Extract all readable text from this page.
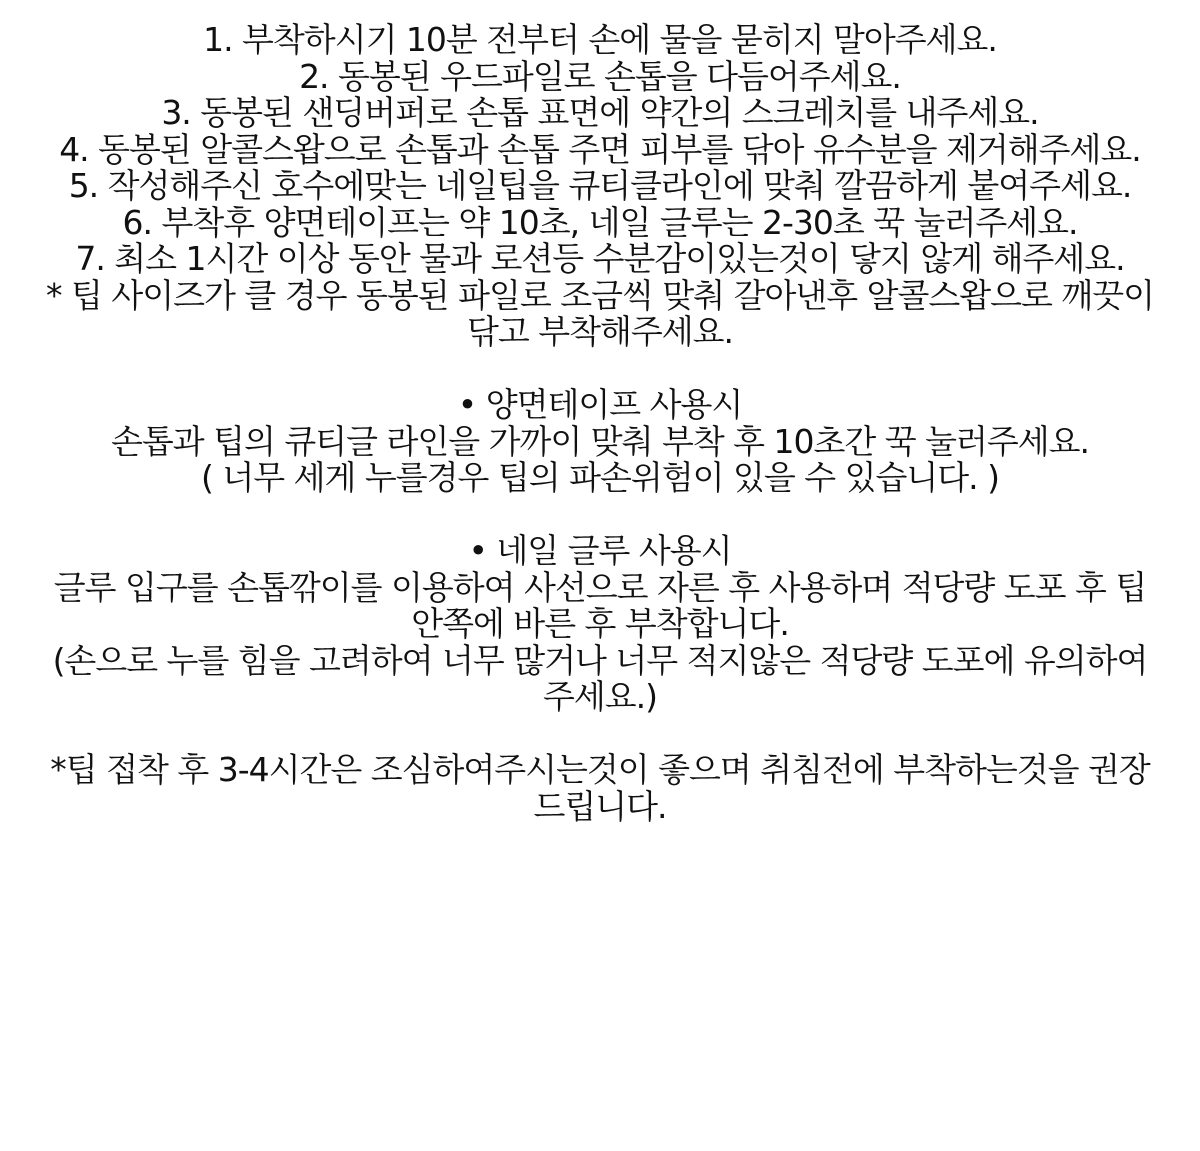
1. 부착하시기 10분 전부터 손에 물을 묻히지 말아주세요.

2. 동봉된 우드파일로 손톱을 다듬어주세요.

3. 동봉된 샌딩버퍼로 손톱 표면에 약간의 스크레치를 내주세요.

4. 동봉된 알콜스왑으로 손톱과 손톱 주면 피부를 닦아 유수분을 제거해주세요.

5. 작성해주신 호수에맞는 네일팁을 큐티클라인에 맞춰 깔끔하게 붙여주세요.

6. 부착후 양면테이프는 약 10초, 네일 글루는 2-30초 꾹 눌러주세요.

7. 최소 1시간 이상 동안 물과 로션등 수분감이있는것이 닿지 않게 해주세요.

* 팁 사이즈가 클 경우 동봉된 파일로 조금씩 맞춰 갈아낸후 알콜스왑으로 깨끗이 닦고 부착해주세요.

• 양면테이프 사용시

손톱과 팁의 큐티글 라인을 가까이 맞춰 부착 후 10초간 꾹 눌러주세요.

( 너무 세게 누를경우 팁의 파손위험이 있을 수 있습니다. )

• 네일 글루 사용시

글루 입구를 손톱깎이를 이용하여 사선으로 자른 후 사용하며 적당량 도포 후 팁 안쪽에 바른 후 부착합니다.

(손으로 누를 힘을 고려하여 너무 많거나 너무 적지않은 적당량 도포에 유의하여 주세요.)

*팁 접착 후 3-4시간은 조심하여주시는것이 좋으며 취침전에 부착하는것을 권장드립니다.
